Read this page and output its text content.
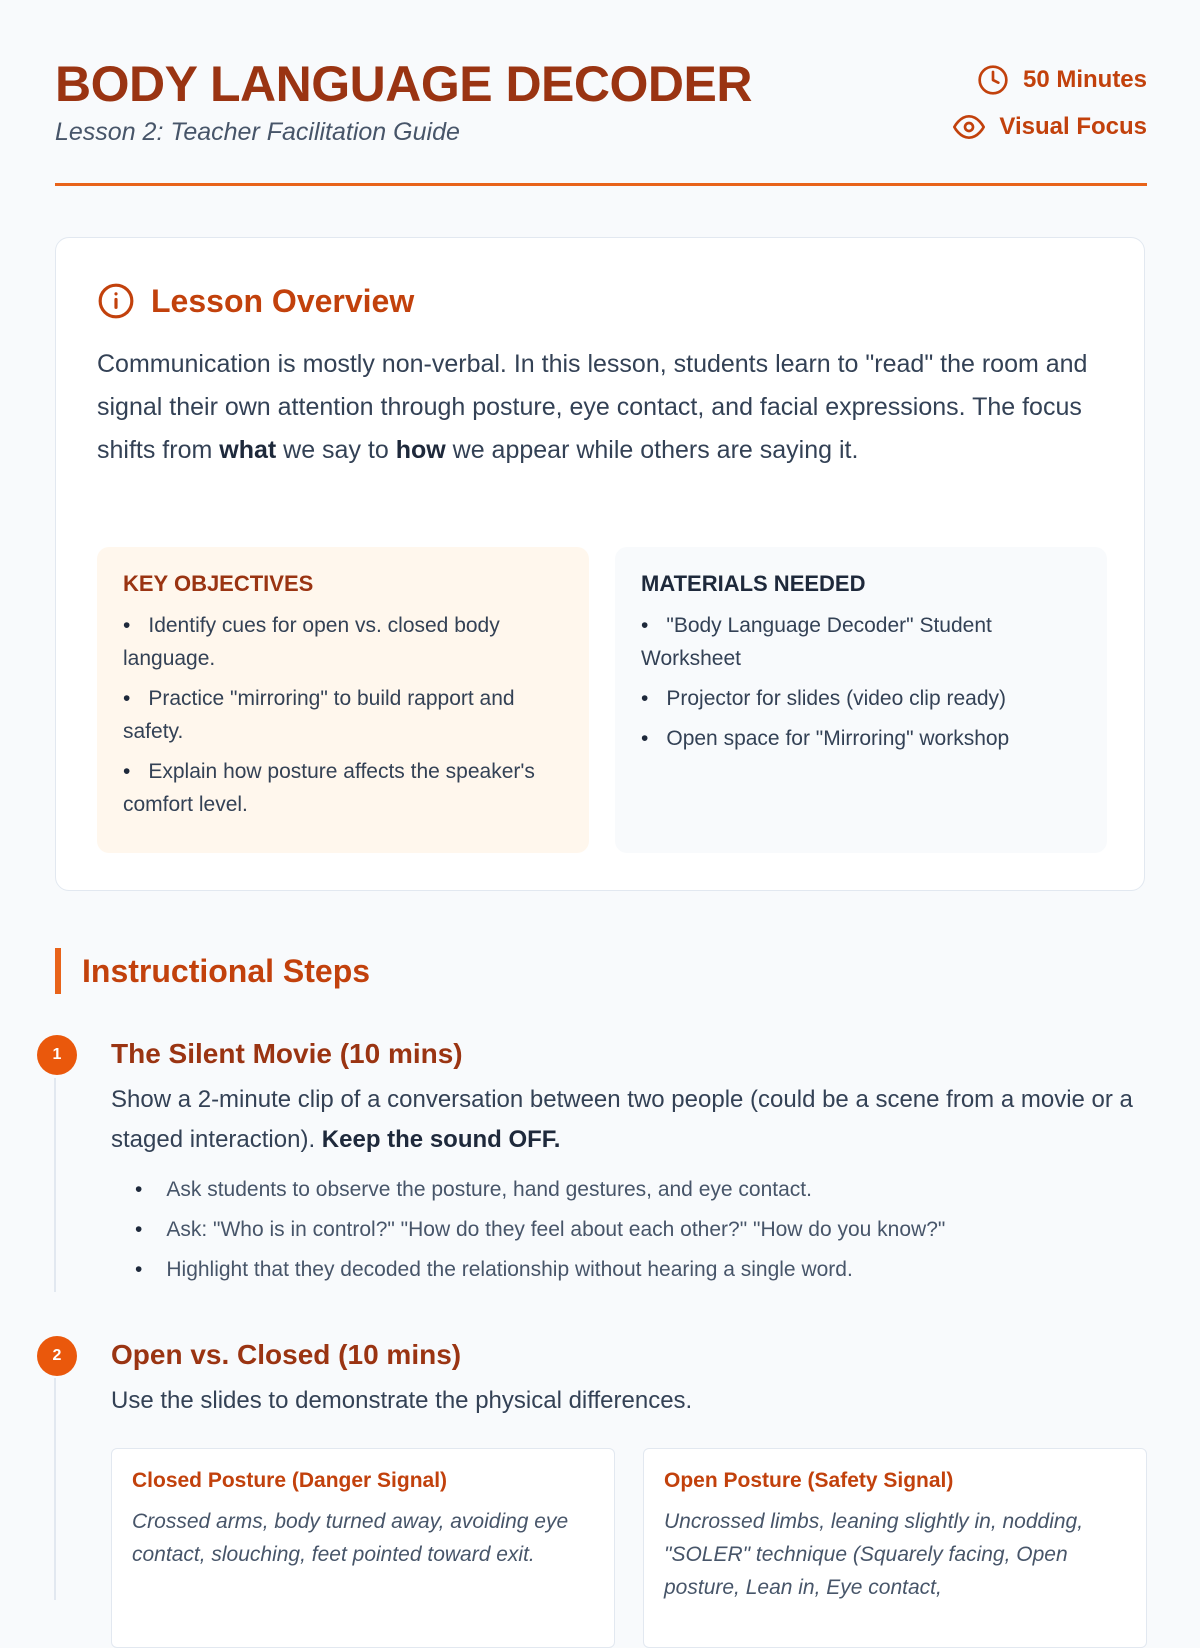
BODY LANGUAGE DECODER
Lesson 2: Teacher Facilitation Guide
50 Minutes
Visual Focus
Lesson Overview
Communication is mostly non-verbal. In this lesson, students learn to "read" the room and signal their own attention through posture, eye contact, and facial expressions. The focus shifts from what we say to how we appear while others are saying it.
KEY OBJECTIVES
• Identify cues for open vs. closed body language.
• Practice "mirroring" to build rapport and safety.
• Explain how posture affects the speaker's comfort level.
MATERIALS NEEDED
• "Body Language Decoder" Student Worksheet
• Projector for slides (video clip ready)
• Open space for "Mirroring" workshop
Instructional Steps
1	The Silent Movie (10 mins)
Show a 2-minute clip of a conversation between two people (could be a scene from a movie or a staged interaction). Keep the sound OFF.
• Ask students to observe the posture, hand gestures, and eye contact.
• Ask: "Who is in control?" "How do they feel about each other?" "How do you know?"
• Highlight that they decoded the relationship without hearing a single word.
2	Open vs. Closed (10 mins)
Use the slides to demonstrate the physical differences.
Closed Posture (Danger Signal)
Crossed arms, body turned away, avoiding eye contact, slouching, feet pointed toward exit.
Open Posture (Safety Signal)
Uncrossed limbs, leaning slightly in, nodding, "SOLER" technique (Squarely facing, Open posture, Lean in, Eye contact,
